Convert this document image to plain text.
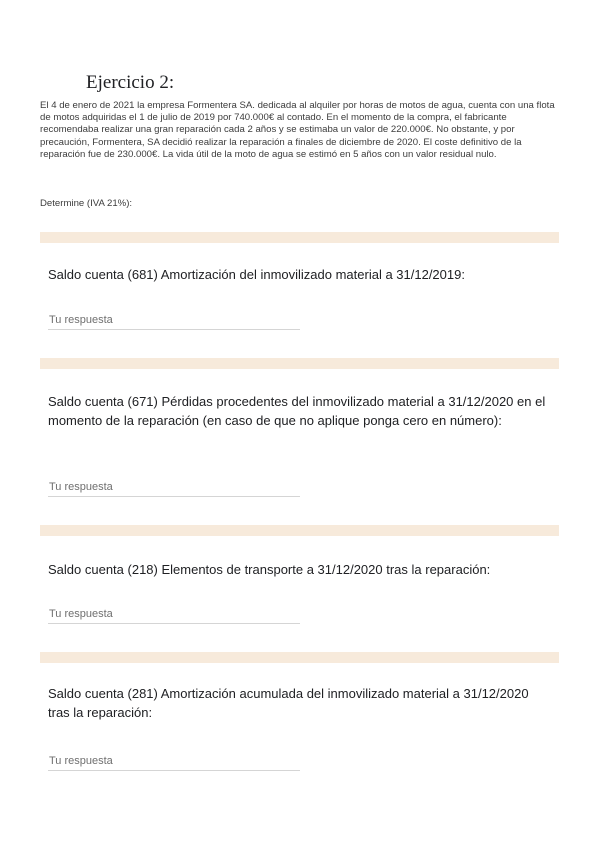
Ejercicio 2:

El 4 de enero de 2021 la empresa Formentera SA. dedicada al alquiler por horas de motos de agua, cuenta con una flota de motos adquiridas el 1 de julio de 2019 por 740.000€ al contado. En el momento de la compra, el fabricante recomendaba realizar una gran reparación cada 2 años y se estimaba un valor de 220.000€. No obstante, y por precaución, Formentera, SA decidió realizar la reparación a finales de diciembre de 2020. El coste definitivo de la reparación fue de 230.000€. La vida útil de la moto de agua se estimó en 5 años con un valor residual nulo.

Determine (IVA 21%):

Saldo cuenta (681) Amortización del inmovilizado material a 31/12/2019:

Tu respuesta

Saldo cuenta (671) Pérdidas procedentes del inmovilizado material a 31/12/2020 en el momento de la reparación (en caso de que no aplique ponga cero en número):

Tu respuesta

Saldo cuenta (218) Elementos de transporte a 31/12/2020 tras la reparación:

Tu respuesta

Saldo cuenta (281) Amortización acumulada del inmovilizado material a 31/12/2020 tras la reparación:

Tu respuesta
